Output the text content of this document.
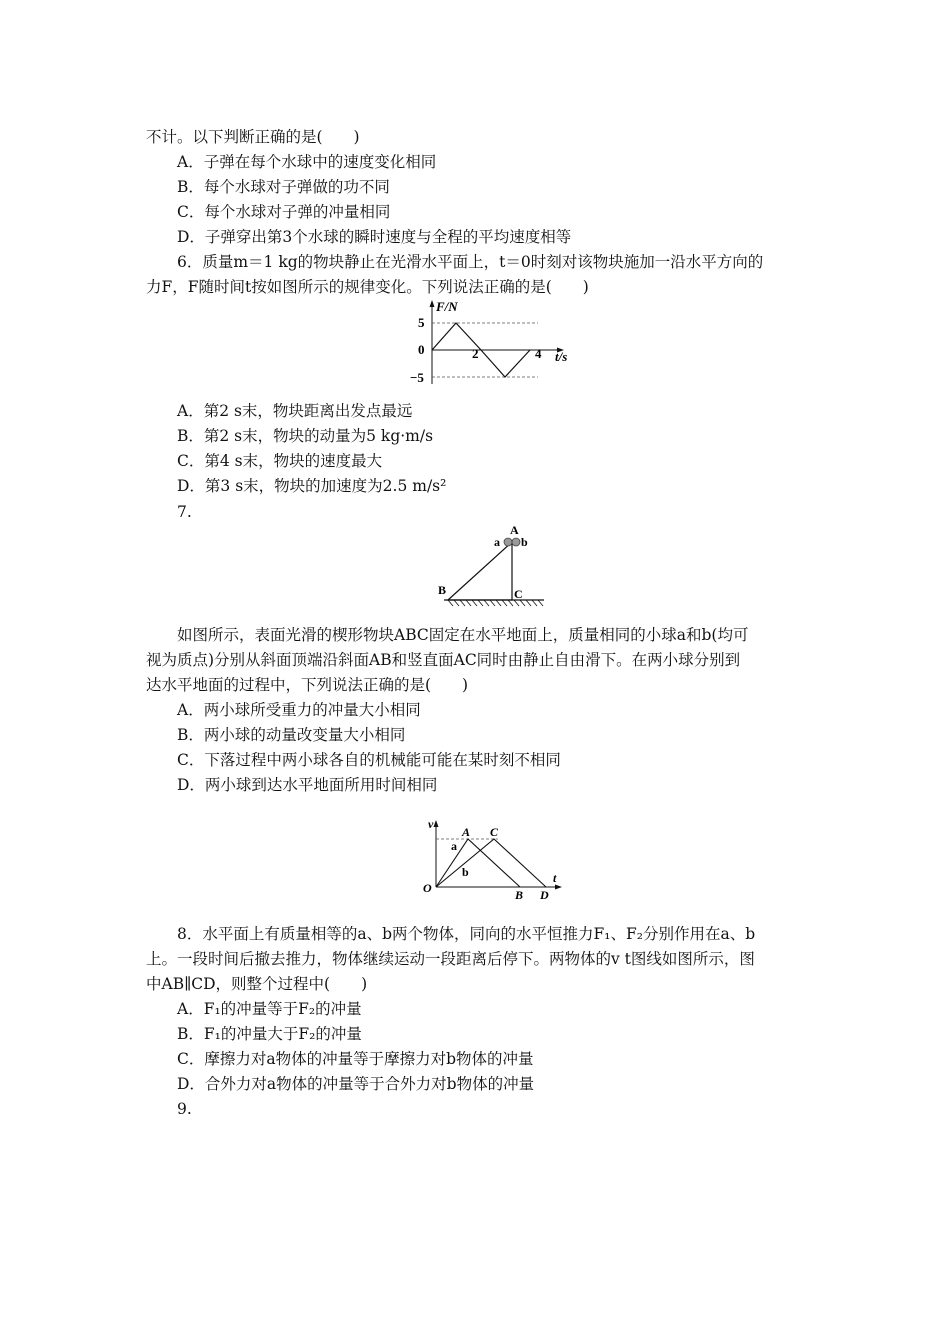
不计。以下判断正确的是(　　)
A．子弹在每个水球中的速度变化相同
B．每个水球对子弹做的功不同
C．每个水球对子弹的冲量相同
D．子弹穿出第3个水球的瞬时速度与全程的平均速度相等
6．质量m＝1 kg的物块静止在光滑水平面上，t＝0时刻对该物块施加一沿水平方向的
力F，F随时间t按如图所示的规律变化。下列说法正确的是(　　)
F/N
5
0
−5
2	4 t/s
A．第2 s末，物块距离出发点最远
B．第2 s末，物块的动量为5 kg·m/s
C．第4 s末，物块的速度最大
D．第3 s末，物块的加速度为2.5 m/s²
7.
A
a b
B	C
如图所示，表面光滑的楔形物块ABC固定在水平地面上，质量相同的小球a和b(均可
视为质点)分别从斜面顶端沿斜面AB和竖直面AC同时由静止自由滑下。在两小球分别到
达水平地面的过程中，下列说法正确的是(　　)
A．两小球所受重力的冲量大小相同
B．两小球的动量改变量大小相同
C．下落过程中两小球各自的机械能可能在某时刻不相同
D．两小球到达水平地面所用时间相同
v
A C
a
b
O	B D
t
8．水平面上有质量相等的a、b两个物体，同向的水平恒推力F₁、F₂分别作用在a、b
上。一段时间后撤去推力，物体继续运动一段距离后停下。两物体的v t图线如图所示，图
中AB∥CD，则整个过程中(　　)
A．F₁的冲量等于F₂的冲量
B．F₁的冲量大于F₂的冲量
C．摩擦力对a物体的冲量等于摩擦力对b物体的冲量
D．合外力对a物体的冲量等于合外力对b物体的冲量
9.
